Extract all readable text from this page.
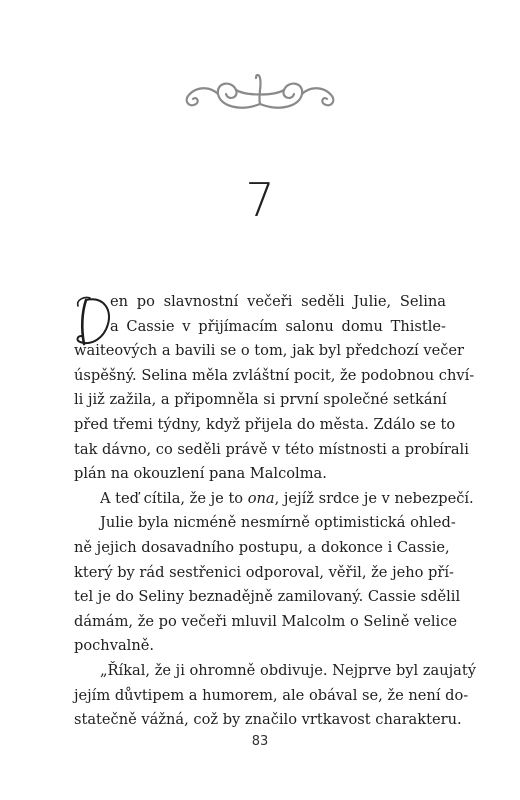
7
D	en po slavnostní večeři seděli Julie, Selina
a Cassie v přijímacím salonu domu Thistle-
waiteových a bavili se o tom, jak byl předchozí večer
úspěšný. Selina měla zvláštní pocit, že podobnou chví-
li již zažila, a připomněla si první společné setkání
před třemi týdny, když přijela do města. Zdálo se to
tak dávno, co seděli právě v této místnosti a probírali
plán na okouzlení pana Malcolma.
A teď cítila, že je to ona, jejíž srdce je v nebezpečí.
Julie byla nicméně nesmírně optimistická ohled-
ně jejich dosavadního postupu, a dokonce i Cassie,
který by rád sestřenici odporoval, věřil, že jeho pří-
tel je do Seliny beznadějně zamilovaný. Cassie sdělil
dámám, že po večeři mluvil Malcolm o Selině velice
pochvalně.
„Říkal, že ji ohromně obdivuje. Nejprve byl zaujatý
jejím důvtipem a humorem, ale obával se, že není do-
statečně vážná, což by značilo vrtkavost charakteru.
83
